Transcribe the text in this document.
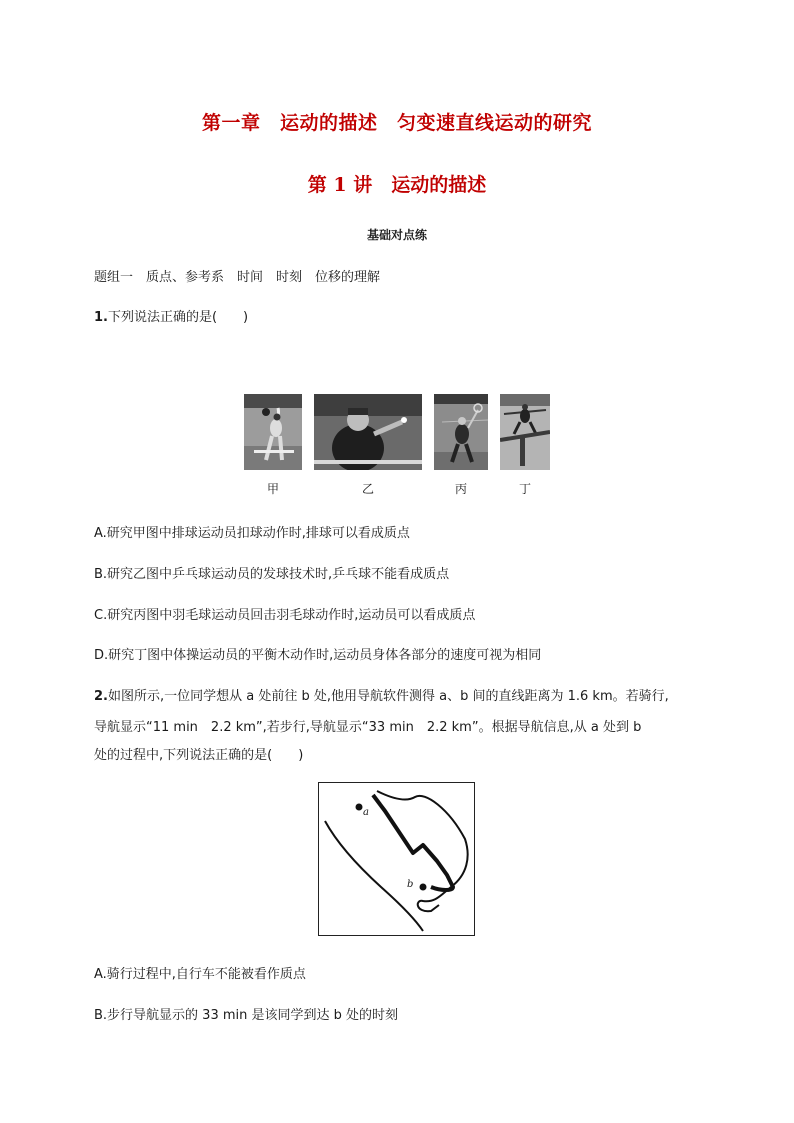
第一章　运动的描述　匀变速直线运动的研究
第 1 讲　运动的描述
基础对点练
题组一　质点、参考系　时间　时刻　位移的理解
1.下列说法正确的是(　　)
甲	乙	丙	丁
A.研究甲图中排球运动员扣球动作时,排球可以看成质点
B.研究乙图中乒乓球运动员的发球技术时,乒乓球不能看成质点
C.研究丙图中羽毛球运动员回击羽毛球动作时,运动员可以看成质点
D.研究丁图中体操运动员的平衡木动作时,运动员身体各部分的速度可视为相同
2.如图所示,一位同学想从 a 处前往 b 处,他用导航软件测得 a、b 间的直线距离为 1.6 km。若骑行,
导航显示“11 min　2.2 km”,若步行,导航显示“33 min　2.2 km”。根据导航信息,从 a 处到 b
处的过程中,下列说法正确的是(　　)
a
b
A.骑行过程中,自行车不能被看作质点
B.步行导航显示的 33 min 是该同学到达 b 处的时刻
